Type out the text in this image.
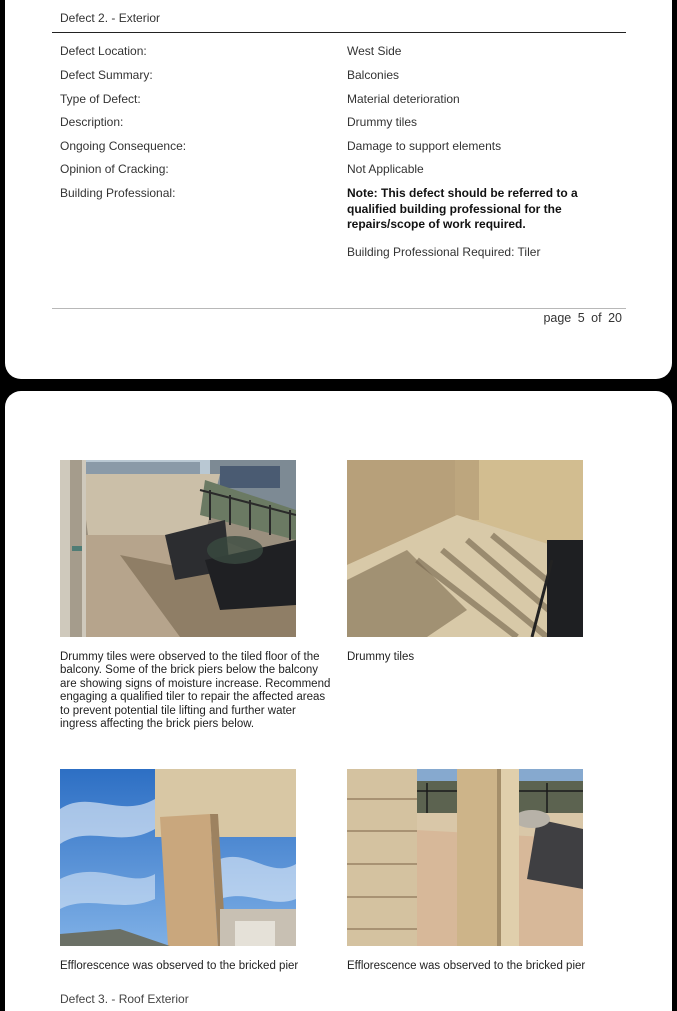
Defect 2. - Exterior
Defect Location:	West Side
Defect Summary:	Balconies
Type of Defect:	Material deterioration
Description:	Drummy tiles
Ongoing Consequence:	Damage to support elements
Opinion of Cracking:	Not Applicable
Building Professional:	Note: This defect should be referred to a qualified building professional for the repairs/scope of work required.
Building Professional Required: Tiler
page 5 of 20
Drummy tiles were observed to the tiled floor of the balcony. Some of the brick piers below the balcony are showing signs of moisture increase. Recommend engaging a qualified tiler to repair the affected areas to prevent potential tile lifting and further water ingress affecting the brick piers below.
Drummy tiles
Efflorescence was observed to the bricked pier	Efflorescence was observed to the bricked pier
Defect 3. - Roof Exterior
